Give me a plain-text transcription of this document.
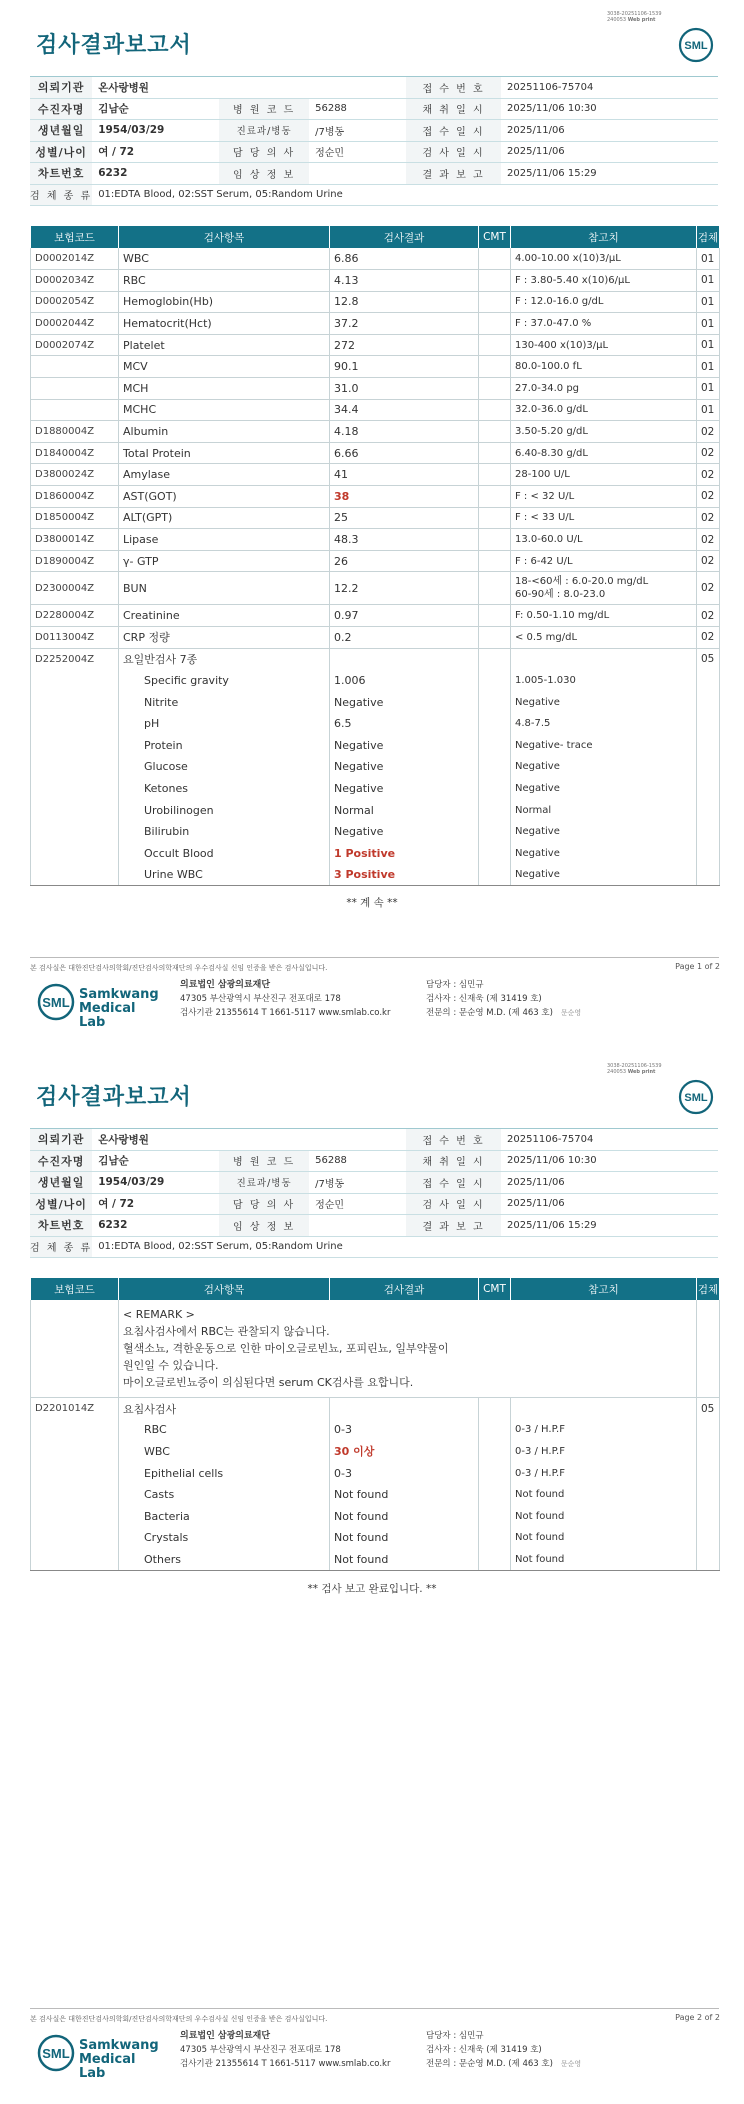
3038-20251106-1539
240053 Web print
검사결과보고서	SML
의뢰기관	온사랑병원			접 수 번 호	20251106-75704
수진자명	김남순	병 원 코 드	56288	채 취 일 시	2025/11/06 10:30
생년월일	1954/03/29	진료과/병동	/7병동	접 수 일 시	2025/11/06
성별/나이	여 / 72	담 당 의 사	정순민	검 사 일 시	2025/11/06
차트번호	6232	임 상 정 보		결 과 보 고	2025/11/06 15:29
검 체 종 류	01:EDTA Blood, 02:SST Serum, 05:Random Urine				
보험코드	검사항목	검사결과	CMT	참고치	검체
D0002014Z	WBC	6.86		4.00-10.00 x(10)3/μL	01
D0002034Z	RBC	4.13		F : 3.80-5.40 x(10)6/μL	01
D0002054Z	Hemoglobin(Hb)	12.8		F : 12.0-16.0 g/dL	01
D0002044Z	Hematocrit(Hct)	37.2		F : 37.0-47.0 %	01
D0002074Z	Platelet	272		130-400 x(10)3/μL	01
	MCV	90.1		80.0-100.0 fL	01
	MCH	31.0		27.0-34.0 pg	01
	MCHC	34.4		32.0-36.0 g/dL	01
D1880004Z	Albumin	4.18		3.50-5.20 g/dL	02
D1840004Z	Total Protein	6.66		6.40-8.30 g/dL	02
D3800024Z	Amylase	41		28-100 U/L	02
D1860004Z	AST(GOT)	38		F : < 32 U/L	02
D1850004Z	ALT(GPT)	25		F : < 33 U/L	02
D3800014Z	Lipase	48.3		13.0-60.0 U/L	02
D1890004Z	γ- GTP	26		F : 6-42 U/L	02
D2300004Z	BUN	12.2		18-<60세 : 6.0-20.0 mg/dL
60-90세 : 8.0-23.0	02
D2280004Z	Creatinine	0.97		F: 0.50-1.10 mg/dL	02
D0113004Z	CRP 정량	0.2		< 0.5 mg/dL	02
D2252004Z	요일반검사 7종				05
	Specific gravity	1.006		1.005-1.030	
	Nitrite	Negative		Negative	
	pH	6.5		4.8-7.5	
	Protein	Negative		Negative- trace	
	Glucose	Negative		Negative	
	Ketones	Negative		Negative	
	Urobilinogen	Normal		Normal	
	Bilirubin	Negative		Negative	
	Occult Blood	1 Positive		Negative	
	Urine WBC	3 Positive		Negative	
** 계 속 **
본 검사실은 대한진단검사의학회/진단검사의학재단의 우수검사실 신임 인증을 받은 검사실입니다.	Page 1 of 2
SML
Samkwang
Medical Lab
의료법인 삼광의료재단
47305 부산광역시 부산진구 전포대로 178
검사기관 21355614 T 1661-5117 www.smlab.co.kr
담당자 : 심민규
검사자 : 신재욱 (제 31419 호)
전문의 : 문순영 M.D. (제 463 호) 문순영
3038-20251106-1539
240053 Web print
검사결과보고서	SML
의뢰기관	온사랑병원			접 수 번 호	20251106-75704
수진자명	김남순	병 원 코 드	56288	채 취 일 시	2025/11/06 10:30
생년월일	1954/03/29	진료과/병동	/7병동	접 수 일 시	2025/11/06
성별/나이	여 / 72	담 당 의 사	정순민	검 사 일 시	2025/11/06
차트번호	6232	임 상 정 보		결 과 보 고	2025/11/06 15:29
검 체 종 류	01:EDTA Blood, 02:SST Serum, 05:Random Urine				
보험코드	검사항목	검사결과	CMT	참고치	검체

	< REMARK >
요침사검사에서 RBC는 관찰되지 않습니다.
혈색소뇨, 격한운동으로 인한 마이오글로빈뇨, 포피린뇨, 일부약물이
원인일 수 있습니다.
마이오글로빈뇨증이 의심된다면 serum CK검사를 요합니다.				

D2201014Z	요침사검사				05
	RBC	0-3		0-3 / H.P.F	
	WBC	30 이상		0-3 / H.P.F	
	Epithelial cells	0-3		0-3 / H.P.F	
	Casts	Not found		Not found	
	Bacteria	Not found		Not found	
	Crystals	Not found		Not found	
	Others	Not found		Not found	
** 검사 보고 완료입니다. **
본 검사실은 대한진단검사의학회/진단검사의학재단의 우수검사실 신임 인증을 받은 검사실입니다.	Page 2 of 2
SML
Samkwang
Medical Lab
의료법인 삼광의료재단
47305 부산광역시 부산진구 전포대로 178
검사기관 21355614 T 1661-5117 www.smlab.co.kr
담당자 : 심민규
검사자 : 신재욱 (제 31419 호)
전문의 : 문순영 M.D. (제 463 호) 문순영
